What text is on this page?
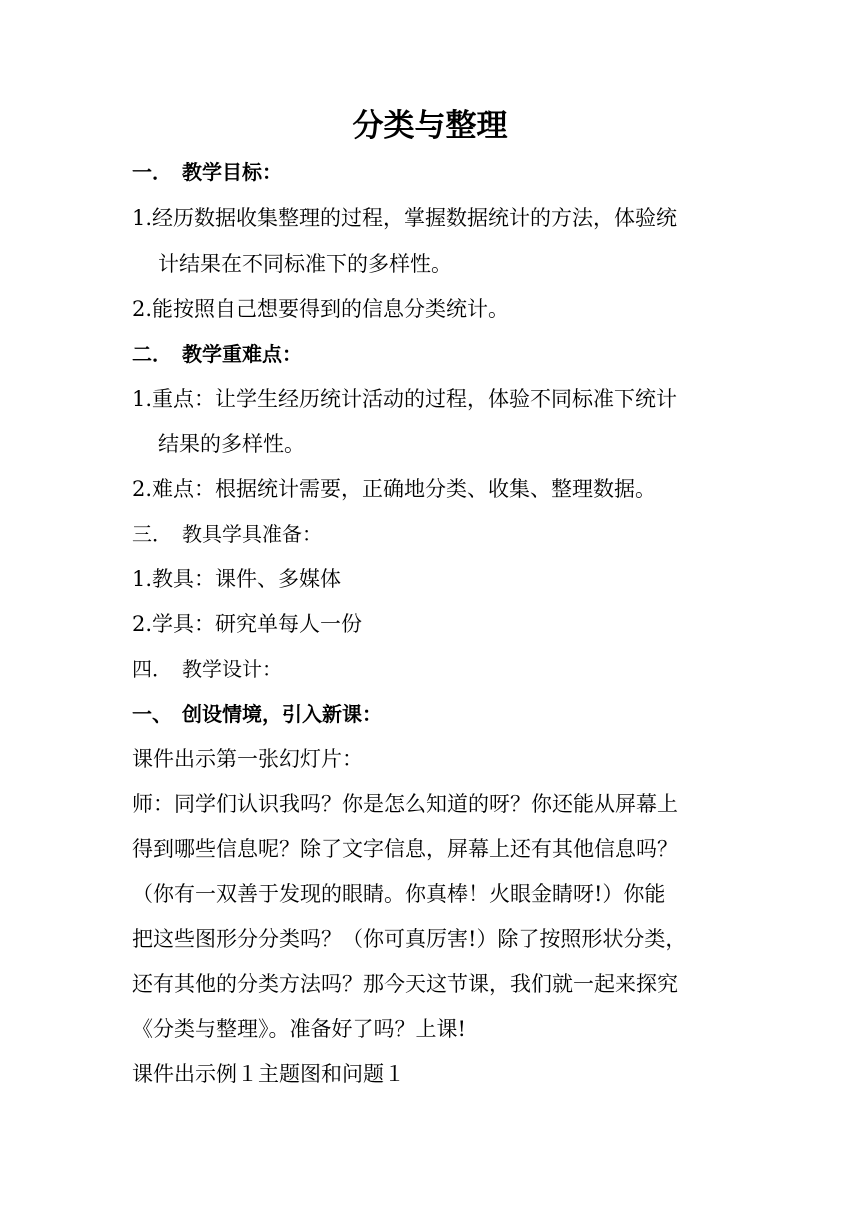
分类与整理
一． 教学目标：
1.经历数据收集整理的过程，掌握数据统计的方法，体验统
计结果在不同标准下的多样性。
2.能按照自己想要得到的信息分类统计。
二． 教学重难点：
1.重点：让学生经历统计活动的过程，体验不同标准下统计
结果的多样性。
2.难点：根据统计需要，正确地分类、收集、整理数据。
三． 教具学具准备：
1.教具：课件、多媒体
2.学具：研究单每人一份
四． 教学设计：
一、 创设情境，引入新课：
课件出示第一张幻灯片：
师：同学们认识我吗？你是怎么知道的呀？你还能从屏幕上
得到哪些信息呢？除了文字信息，屏幕上还有其他信息吗？
（你有一双善于发现的眼睛。你真棒！火眼金睛呀!）你能
把这些图形分分类吗？（你可真厉害!）除了按照形状分类，
还有其他的分类方法吗？那今天这节课，我们就一起来探究
《分类与整理》。准备好了吗？上课!
课件出示例１主题图和问题１
